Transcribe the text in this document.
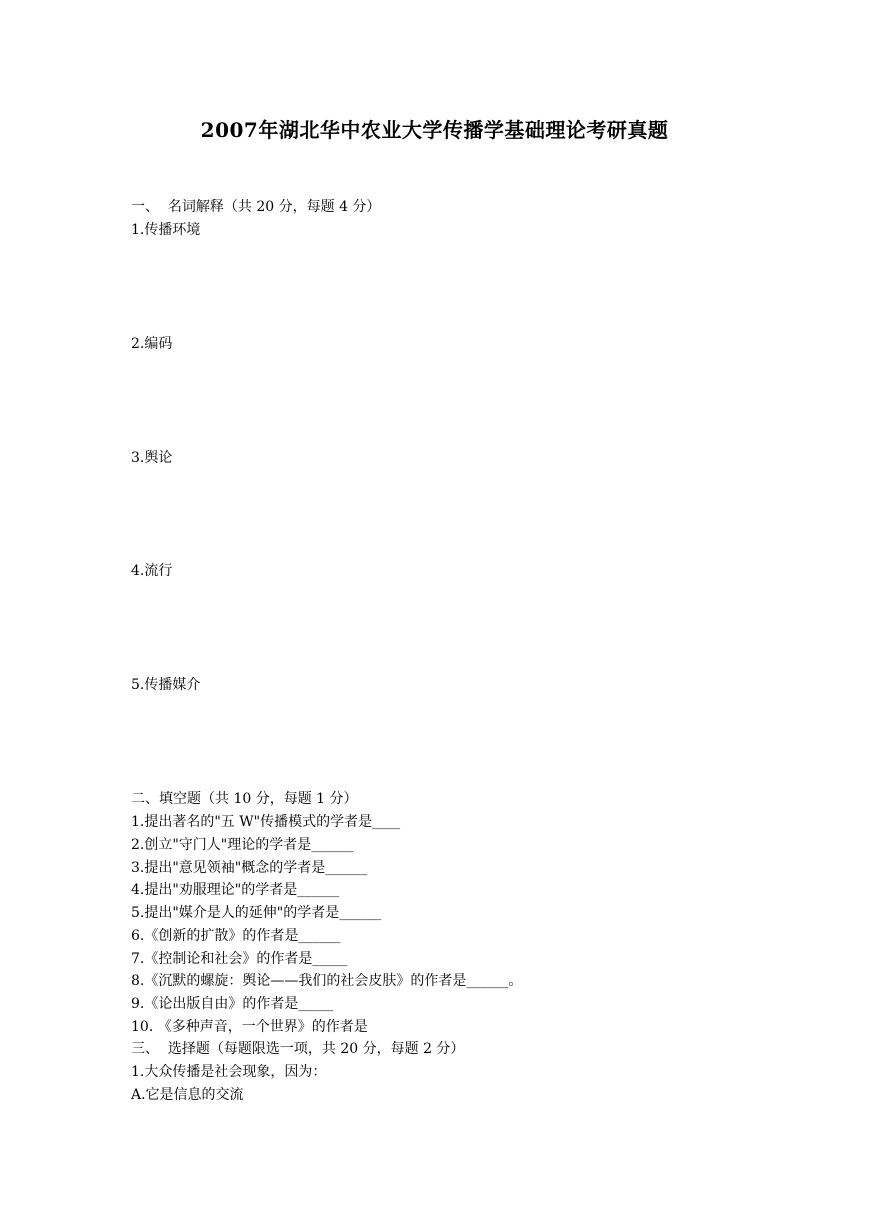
2007年湖北华中农业大学传播学基础理论考研真题
一、  名词解释（共 20 分，每题 4 分）
1.传播环境
2.编码
3.舆论
4.流行
5.传播媒介
二、填空题（共 10 分，每题 1 分）
1.提出著名的"五 W"传播模式的学者是____
2.创立"守门人"理论的学者是______
3.提出"意见领袖"概念的学者是______
4.提出"劝服理论"的学者是______
5.提出"媒介是人的延伸"的学者是______
6.《创新的扩散》的作者是______
7.《控制论和社会》的作者是_____
8.《沉默的螺旋：舆论——我们的社会皮肤》的作者是______。
9.《论出版自由》的作者是_____
10. 《多种声音，一个世界》的作者是
三、  选择题（每题限选一项，共 20 分，每题 2 分）
1.大众传播是社会现象，因为：
A.它是信息的交流
